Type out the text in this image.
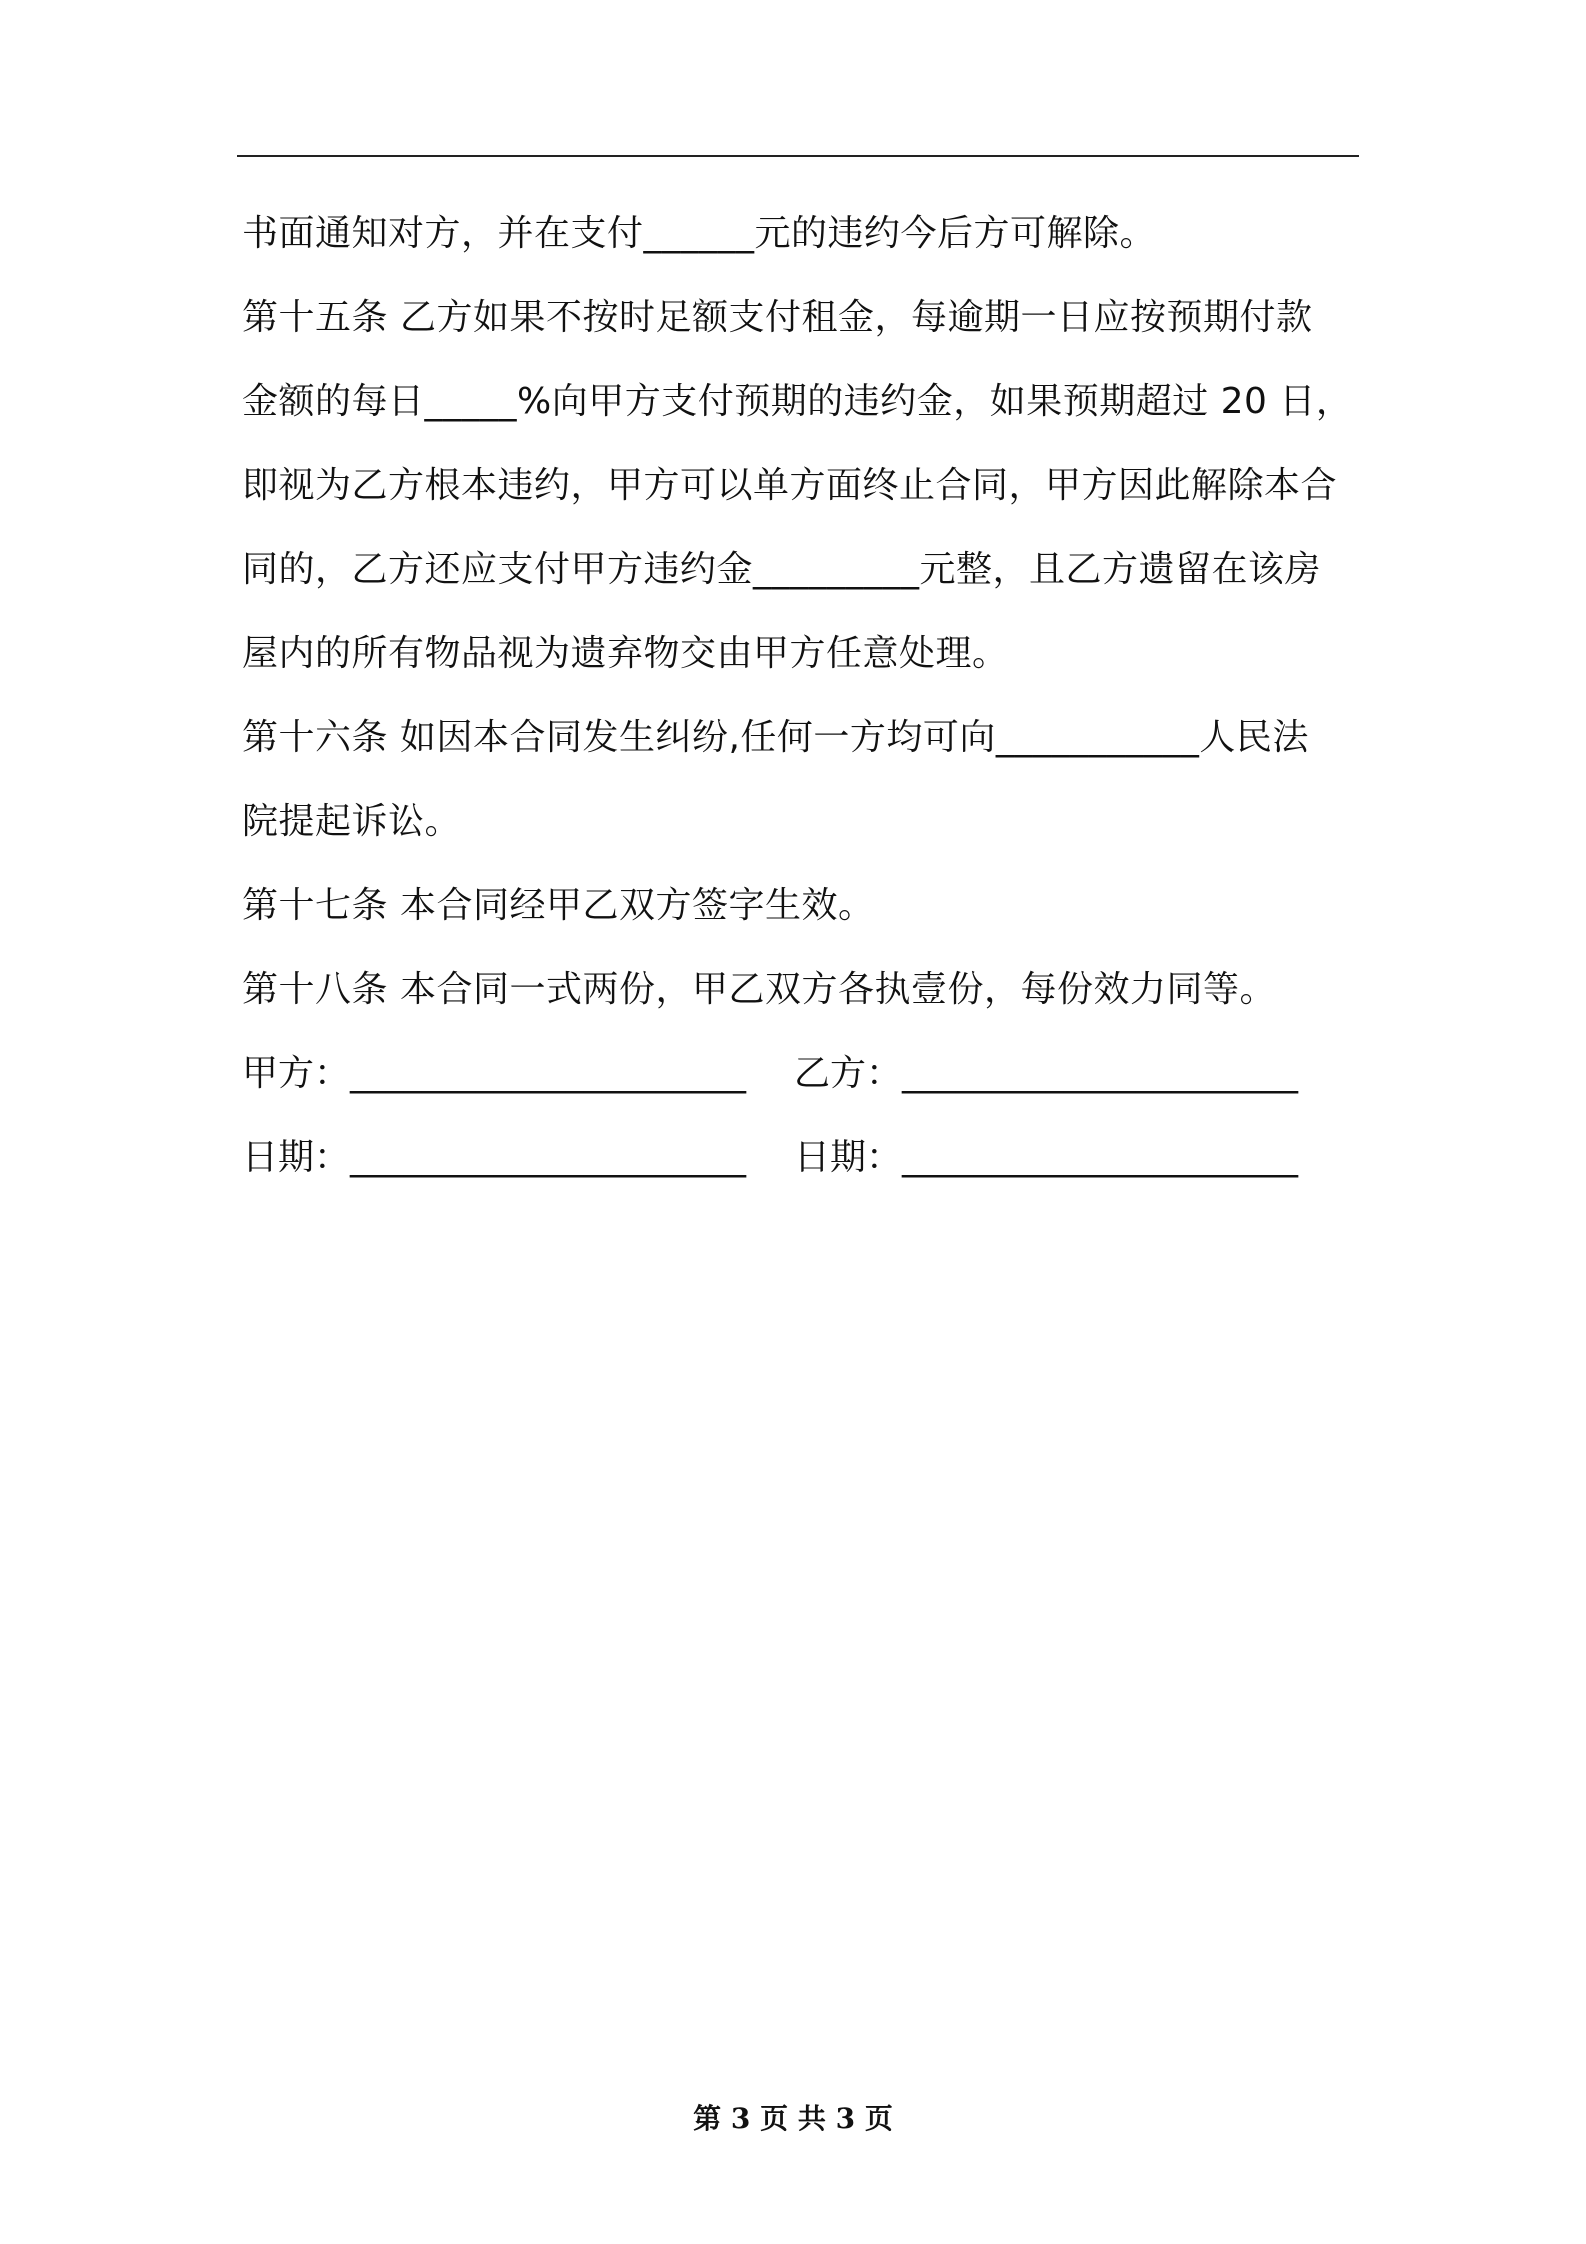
书面通知对方，并在支付______元的违约今后方可解除。
第十五条 乙方如果不按时足额支付租金，每逾期一日应按预期付款
金额的每日_____%向甲方支付预期的违约金，如果预期超过 20 日，
即视为乙方根本违约，甲方可以单方面终止合同，甲方因此解除本合
同的，乙方还应支付甲方违约金_________元整，且乙方遗留在该房
屋内的所有物品视为遗弃物交由甲方任意处理。
第十六条 如因本合同发生纠纷,任何一方均可向___________人民法
院提起诉讼。
第十七条 本合同经甲乙双方签字生效。
第十八条 本合同一式两份，甲乙双方各执壹份，每份效力同等。
甲方：______________________ 乙方：______________________
日期：______________________ 日期：______________________
第 3 页 共 3 页
